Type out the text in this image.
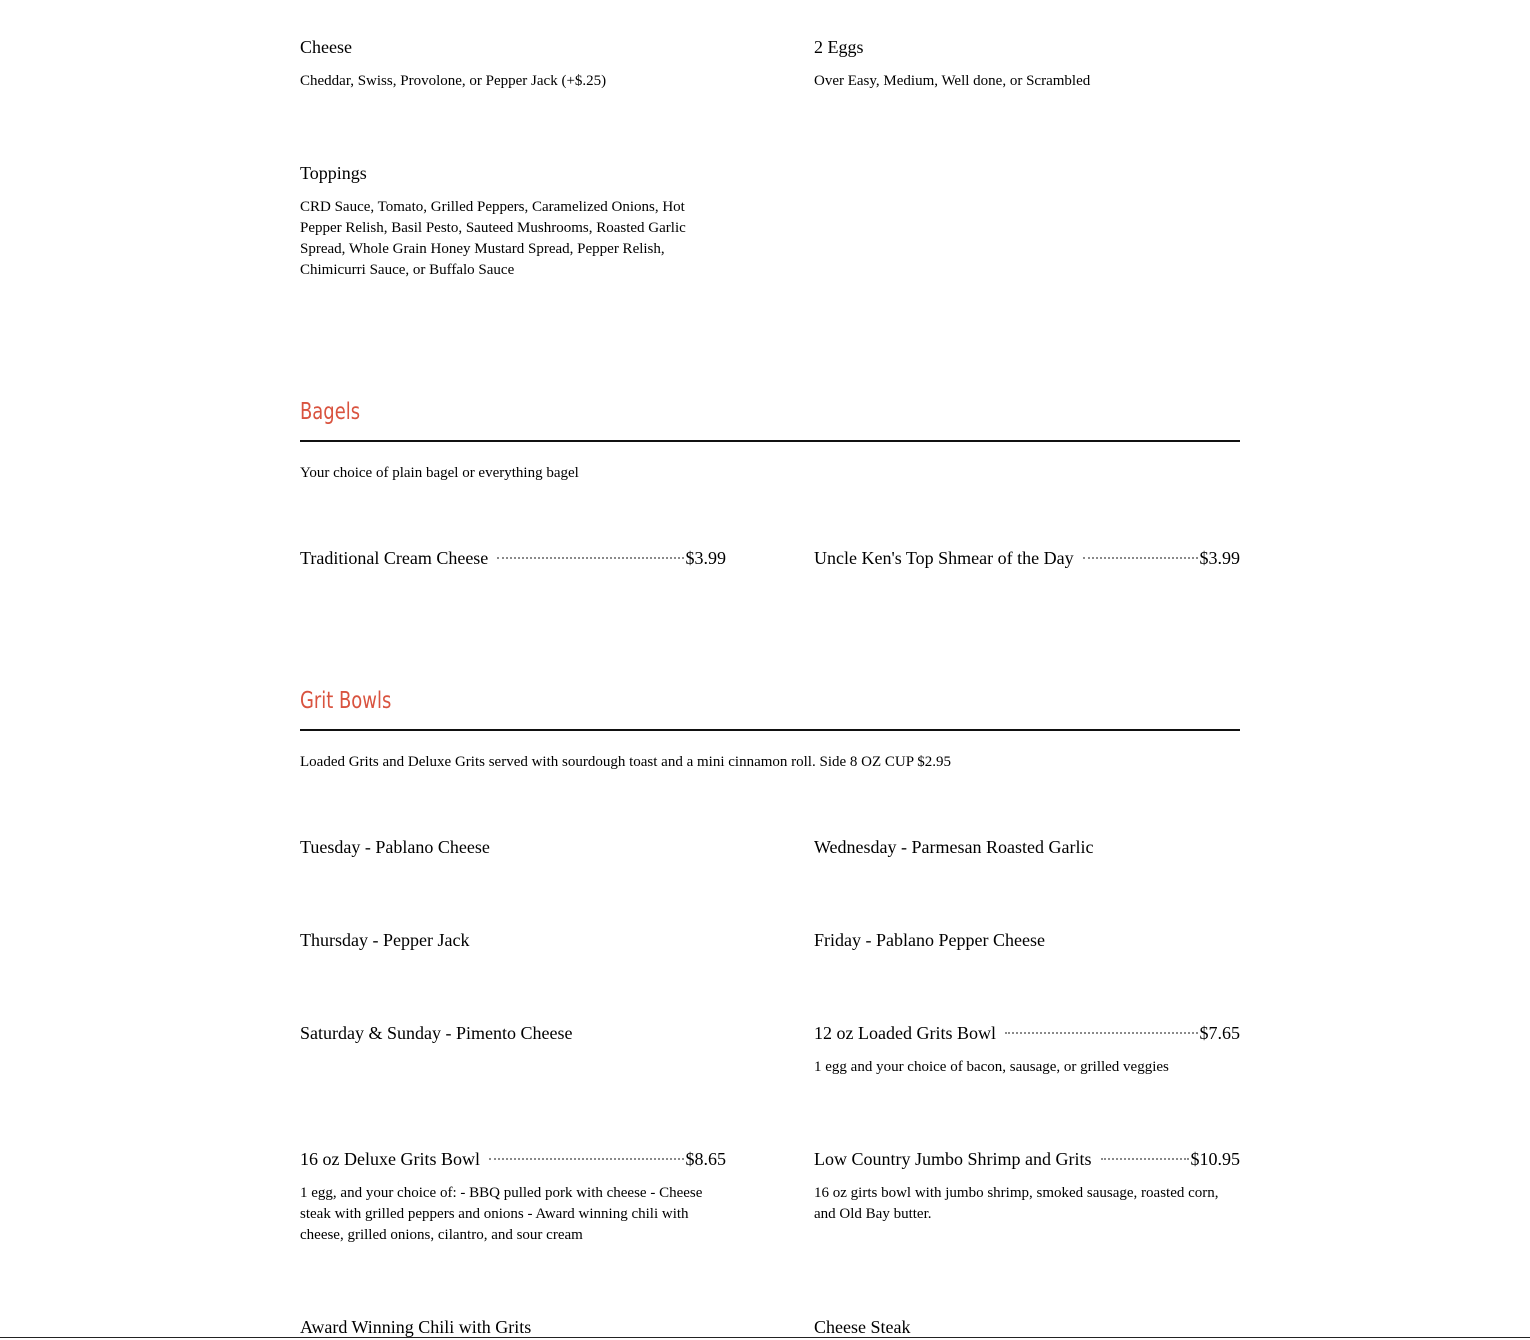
Cheese
Cheddar, Swiss, Provolone, or Pepper Jack (+$.25)
2 Eggs
Over Easy, Medium, Well done, or Scrambled
Toppings
CRD Sauce, Tomato, Grilled Peppers, Caramelized Onions, Hot Pepper Relish, Basil Pesto, Sauteed Mushrooms, Roasted Garlic Spread, Whole Grain Honey Mustard Spread, Pepper Relish, Chimicurri Sauce, or Buffalo Sauce
Bagels
Your choice of plain bagel or everything bagel
Traditional Cream Cheese	$3.99	Uncle Ken's Top Shmear of the Day	$3.99
Grit Bowls
Loaded Grits and Deluxe Grits served with sourdough toast and a mini cinnamon roll. Side 8 OZ CUP $2.95
Tuesday - Pablano Cheese	Wednesday - Parmesan Roasted Garlic
Thursday - Pepper Jack	Friday - Pablano Pepper Cheese
Saturday & Sunday - Pimento Cheese	12 oz Loaded Grits Bowl	$7.65
1 egg and your choice of bacon, sausage, or grilled veggies
16 oz Deluxe Grits Bowl	$8.65
1 egg, and your choice of: - BBQ pulled pork with cheese - Cheese steak with grilled peppers and onions - Award winning chili with cheese, grilled onions, cilantro, and sour cream
Low Country Jumbo Shrimp and Grits	$10.95
16 oz girts bowl with jumbo shrimp, smoked sausage, roasted corn, and Old Bay butter.
Award Winning Chili with Grits	Cheese Steak
